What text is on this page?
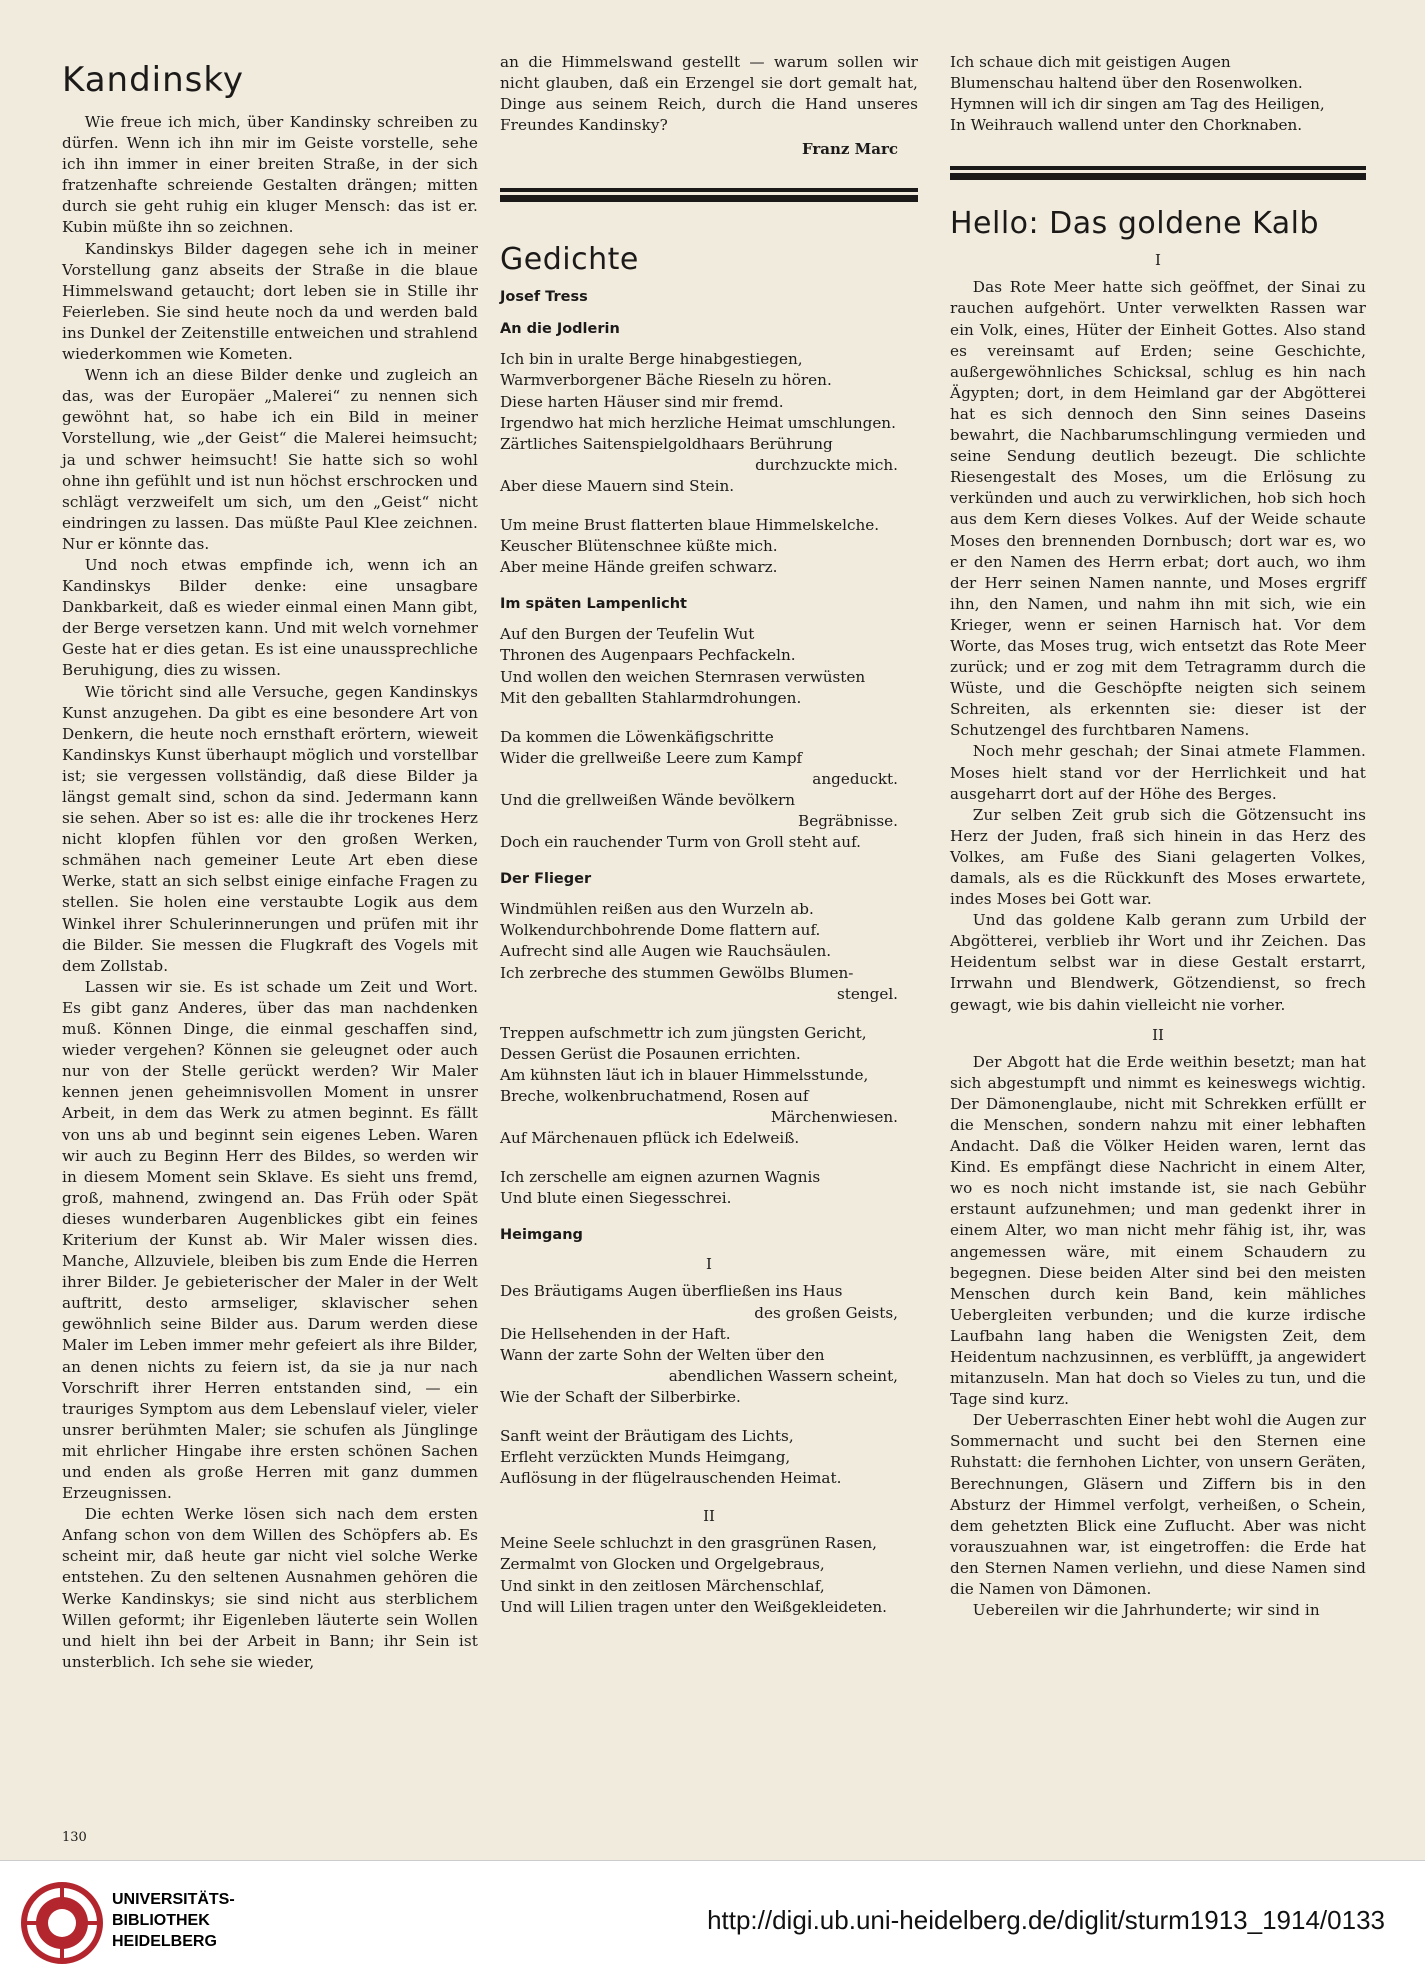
Kandinsky

Wie freue ich mich, über Kandinsky schreiben zu dürfen. Wenn ich ihn mir im Geiste vorstelle, sehe ich ihn immer in einer breiten Straße, in der sich fratzenhafte schreiende Gestalten drängen; mitten durch sie geht ruhig ein kluger Mensch: das ist er. Kubin müßte ihn so zeichnen.

Kandinskys Bilder dagegen sehe ich in meiner Vorstellung ganz abseits der Straße in die blaue Himmelswand getaucht; dort leben sie in Stille ihr Feierleben. Sie sind heute noch da und werden bald ins Dunkel der Zeitenstille entweichen und strahlend wiederkommen wie Kometen.

Wenn ich an diese Bilder denke und zugleich an das, was der Europäer „Malerei“ zu nennen sich gewöhnt hat, so habe ich ein Bild in meiner Vorstellung, wie „der Geist“ die Malerei heimsucht; ja und schwer heimsucht! Sie hatte sich so wohl ohne ihn gefühlt und ist nun höchst erschrocken und schlägt verzweifelt um sich, um den „Geist“ nicht eindringen zu lassen. Das müßte Paul Klee zeichnen. Nur er könnte das.

Und noch etwas empfinde ich, wenn ich an Kandinskys Bilder denke: eine unsagbare Dankbarkeit, daß es wieder einmal einen Mann gibt, der Berge versetzen kann. Und mit welch vornehmer Geste hat er dies getan. Es ist eine unaussprechliche Beruhigung, dies zu wissen.

Wie töricht sind alle Versuche, gegen Kandinskys Kunst anzugehen. Da gibt es eine besondere Art von Denkern, die heute noch ernsthaft erörtern, wieweit Kandinskys Kunst überhaupt möglich und vorstellbar ist; sie vergessen vollständig, daß diese Bilder ja längst gemalt sind, schon da sind. Jedermann kann sie sehen. Aber so ist es: alle die ihr trockenes Herz nicht klopfen fühlen vor den großen Werken, schmähen nach gemeiner Leute Art eben diese Werke, statt an sich selbst einige einfache Fragen zu stellen. Sie holen eine verstaubte Logik aus dem Winkel ihrer Schulerinnerungen und prüfen mit ihr die Bilder. Sie messen die Flugkraft des Vogels mit dem Zollstab.

Lassen wir sie. Es ist schade um Zeit und Wort. Es gibt ganz Anderes, über das man nachdenken muß. Können Dinge, die einmal geschaffen sind, wieder vergehen? Können sie geleugnet oder auch nur von der Stelle gerückt werden? Wir Maler kennen jenen geheimnisvollen Moment in unsrer Arbeit, in dem das Werk zu atmen beginnt. Es fällt von uns ab und beginnt sein eigenes Leben. Waren wir auch zu Beginn Herr des Bildes, so werden wir in diesem Moment sein Sklave. Es sieht uns fremd, groß, mahnend, zwingend an. Das Früh oder Spät dieses wunderbaren Augenblickes gibt ein feines Kriterium der Kunst ab. Wir Maler wissen dies. Manche, Allzuviele, bleiben bis zum Ende die Herren ihrer Bilder. Je gebieterischer der Maler in der Welt auftritt, desto armseliger, sklavischer sehen gewöhnlich seine Bilder aus. Darum werden diese Maler im Leben immer mehr gefeiert als ihre Bilder, an denen nichts zu feiern ist, da sie ja nur nach Vorschrift ihrer Herren entstanden sind, — ein trauriges Symptom aus dem Lebenslauf vieler, vieler unsrer berühmten Maler; sie schufen als Jünglinge mit ehrlicher Hingabe ihre ersten schönen Sachen und enden als große Herren mit ganz dummen Erzeugnissen.

Die echten Werke lösen sich nach dem ersten Anfang schon von dem Willen des Schöpfers ab. Es scheint mir, daß heute gar nicht viel solche Werke entstehen. Zu den seltenen Ausnahmen gehören die Werke Kandinskys; sie sind nicht aus sterblichem Willen geformt; ihr Eigenleben läuterte sein Wollen und hielt ihn bei der Arbeit in Bann; ihr Sein ist unsterblich. Ich sehe sie wieder,

an die Himmelswand gestellt — warum sollen wir nicht glauben, daß ein Erzengel sie dort gemalt hat, Dinge aus seinem Reich, durch die Hand unseres Freundes Kandinsky?

Franz Marc
Gedichte
Josef Tress
An die Jodlerin

Ich bin in uralte Berge hinabgestiegen,

Warmverborgener Bäche Rieseln zu hören.

Diese harten Häuser sind mir fremd.

Irgendwo hat mich herzliche Heimat umschlungen.

Zärtliches Saitenspielgoldhaars Berührung

durchzuckte mich.

Aber diese Mauern sind Stein.

Um meine Brust flatterten blaue Himmelskelche.

Keuscher Blütenschnee küßte mich.

Aber meine Hände greifen schwarz.

Im späten Lampenlicht

Auf den Burgen der Teufelin Wut

Thronen des Augenpaars Pechfackeln.

Und wollen den weichen Sternrasen verwüsten

Mit den geballten Stahlarmdrohungen.

Da kommen die Löwenkäfigschritte

Wider die grellweiße Leere zum Kampf

angeduckt.

Und die grellweißen Wände bevölkern

Begräbnisse.

Doch ein rauchender Turm von Groll steht auf.

Der Flieger

Windmühlen reißen aus den Wurzeln ab.

Wolkendurchbohrende Dome flattern auf.

Aufrecht sind alle Augen wie Rauchsäulen.

Ich zerbreche des stummen Gewölbs Blumen-

stengel.

Treppen aufschmettr ich zum jüngsten Gericht,

Dessen Gerüst die Posaunen errichten.

Am kühnsten läut ich in blauer Himmelsstunde,

Breche, wolkenbruchatmend, Rosen auf

Märchenwiesen.

Auf Märchenauen pflück ich Edelweiß.

Ich zerschelle am eignen azurnen Wagnis

Und blute einen Siegesschrei.

Heimgang
I

Des Bräutigams Augen überfließen ins Haus

des großen Geists,

Die Hellsehenden in der Haft.

Wann der zarte Sohn der Welten über den

abendlichen Wassern scheint,

Wie der Schaft der Silberbirke.

Sanft weint der Bräutigam des Lichts,

Erfleht verzückten Munds Heimgang,

Auflösung in der flügelrauschenden Heimat.

II

Meine Seele schluchzt in den grasgrünen Rasen,

Zermalmt von Glocken und Orgelgebraus,

Und sinkt in den zeitlosen Märchenschlaf,

Und will Lilien tragen unter den Weißgekleideten.

Ich schaue dich mit geistigen Augen

Blumenschau haltend über den Rosenwolken.

Hymnen will ich dir singen am Tag des Heiligen,

In Weihrauch wallend unter den Chorknaben.

Hello: Das goldene Kalb
I

Das Rote Meer hatte sich geöffnet, der Sinai zu rauchen aufgehört. Unter verwelkten Rassen war ein Volk, eines, Hüter der Einheit Gottes. Also stand es vereinsamt auf Erden; seine Geschichte, außergewöhnliches Schicksal, schlug es hin nach Ägypten; dort, in dem Heimland gar der Abgötterei hat es sich dennoch den Sinn seines Daseins bewahrt, die Nachbarumschlingung vermieden und seine Sendung deutlich bezeugt. Die schlichte Riesengestalt des Moses, um die Erlösung zu verkünden und auch zu verwirklichen, hob sich hoch aus dem Kern dieses Volkes. Auf der Weide schaute Moses den brennenden Dornbusch; dort war es, wo er den Namen des Herrn erbat; dort auch, wo ihm der Herr seinen Namen nannte, und Moses ergriff ihn, den Namen, und nahm ihn mit sich, wie ein Krieger, wenn er seinen Harnisch hat. Vor dem Worte, das Moses trug, wich entsetzt das Rote Meer zurück; und er zog mit dem Tetragramm durch die Wüste, und die Geschöpfte neigten sich seinem Schreiten, als erkennten sie: dieser ist der Schutzengel des furchtbaren Namens.

Noch mehr geschah; der Sinai atmete Flammen. Moses hielt stand vor der Herrlichkeit und hat ausgeharrt dort auf der Höhe des Berges.

Zur selben Zeit grub sich die Götzensucht ins Herz der Juden, fraß sich hinein in das Herz des Volkes, am Fuße des Siani gelagerten Volkes, damals, als es die Rückkunft des Moses erwartete, indes Moses bei Gott war.

Und das goldene Kalb gerann zum Urbild der Abgötterei, verblieb ihr Wort und ihr Zeichen. Das Heidentum selbst war in diese Gestalt erstarrt, Irrwahn und Blendwerk, Götzendienst, so frech gewagt, wie bis dahin vielleicht nie vorher.

II

Der Abgott hat die Erde weithin besetzt; man hat sich abgestumpft und nimmt es keineswegs wichtig. Der Dämonenglaube, nicht mit Schrekken erfüllt er die Menschen, sondern nahzu mit einer lebhaften Andacht. Daß die Völker Heiden waren, lernt das Kind. Es empfängt diese Nachricht in einem Alter, wo es noch nicht imstande ist, sie nach Gebühr erstaunt aufzunehmen; und man gedenkt ihrer in einem Alter, wo man nicht mehr fähig ist, ihr, was angemessen wäre, mit einem Schaudern zu begegnen. Diese beiden Alter sind bei den meisten Menschen durch kein Band, kein mähliches Uebergleiten verbunden; und die kurze irdische Laufbahn lang haben die Wenigsten Zeit, dem Heidentum nachzusinnen, es verblüfft, ja angewidert mitanzuseln. Man hat doch so Vieles zu tun, und die Tage sind kurz.

Der Ueberraschten Einer hebt wohl die Augen zur Sommernacht und sucht bei den Sternen eine Ruhstatt: die fernhohen Lichter, von unsern Geräten, Berechnungen, Gläsern und Ziffern bis in den Absturz der Himmel verfolgt, verheißen, o Schein, dem gehetzten Blick eine Zuflucht. Aber was nicht vorauszuahnen war, ist eingetroffen: die Erde hat den Sternen Namen verliehn, und diese Namen sind die Namen von Dämonen.

Uebereilen wir die Jahrhunderte; wir sind in

130
UNIVERSITÄTS-
BIBLIOTHEK
HEIDELBERG
http://digi.ub.uni-heidelberg.de/diglit/sturm1913_1914/0133
